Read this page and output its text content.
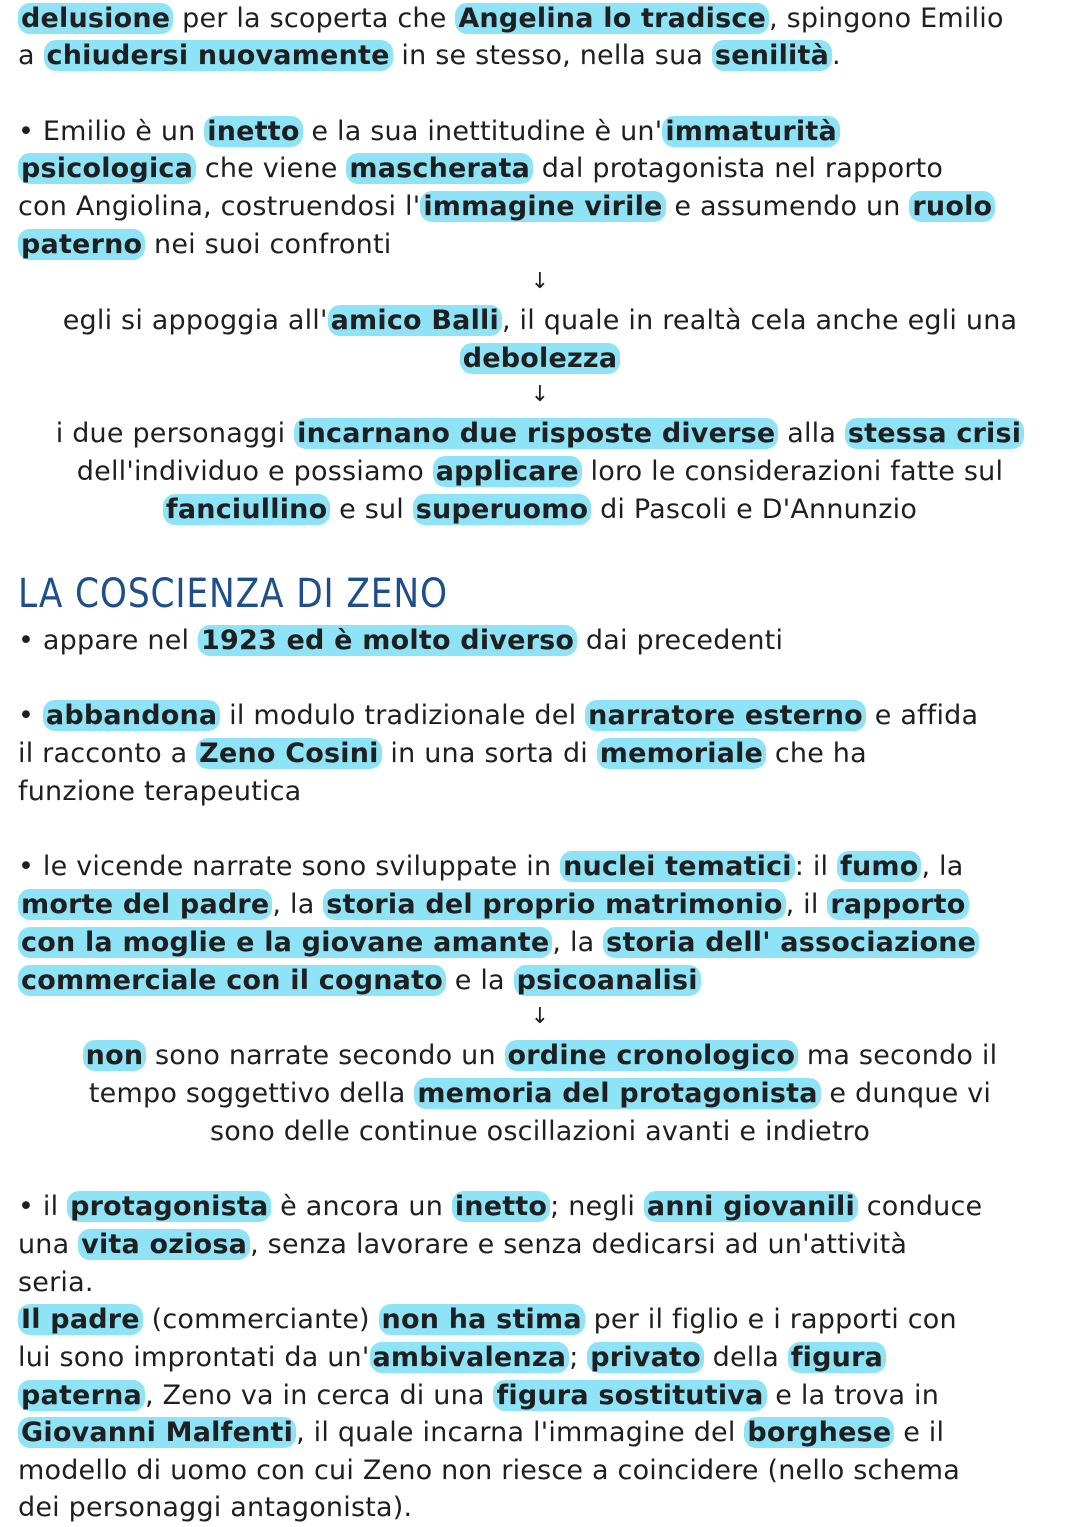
LA COSCIENZA DI ZENO
delusione per la scoperta che Angelina lo tradisce , spingono Emilio
a chiudersi nuovamente in se stesso, nella sua senilità .
• Emilio è un inetto e la sua inettitudine è un' immaturità
psicologica che viene mascherata dal protagonista nel rapporto
con Angiolina, costruendosi l' immagine virile e assumendo un ruolo
paterno nei suoi confronti
egli si appoggia all' amico Balli , il quale in realtà cela anche egli una
debolezza
i due personaggi incarnano due risposte diverse alla stessa crisi
dell'individuo e possiamo applicare loro le considerazioni fatte sul
fanciullino e sul superuomo di Pascoli e D'Annunzio
• appare nel 1923 ed è molto diverso dai precedenti
• abbandona il modulo tradizionale del narratore esterno e affida
il racconto a Zeno Cosini in una sorta di memoriale che ha
funzione terapeutica
• le vicende narrate sono sviluppate in nuclei tematici : il fumo , la
morte del padre , la storia del proprio matrimonio , il rapporto
con la moglie e la giovane amante , la storia dell' associazione
commerciale con il cognato e la psicoanalisi
non sono narrate secondo un ordine cronologico ma secondo il
tempo soggettivo della memoria del protagonista e dunque vi
sono delle continue oscillazioni avanti e indietro
• il protagonista è ancora un inetto ; negli anni giovanili conduce
una vita oziosa , senza lavorare e senza dedicarsi ad un'attività
seria.
Il padre (commerciante) non ha stima per il figlio e i rapporti con
lui sono improntati da un' ambivalenza ; privato della figura
paterna , Zeno va in cerca di una figura sostitutiva e la trova in
Giovanni Malfenti , il quale incarna l'immagine del borghese e il
modello di uomo con cui Zeno non riesce a coincidere (nello schema
dei personaggi antagonista).
↓
↓
↓
